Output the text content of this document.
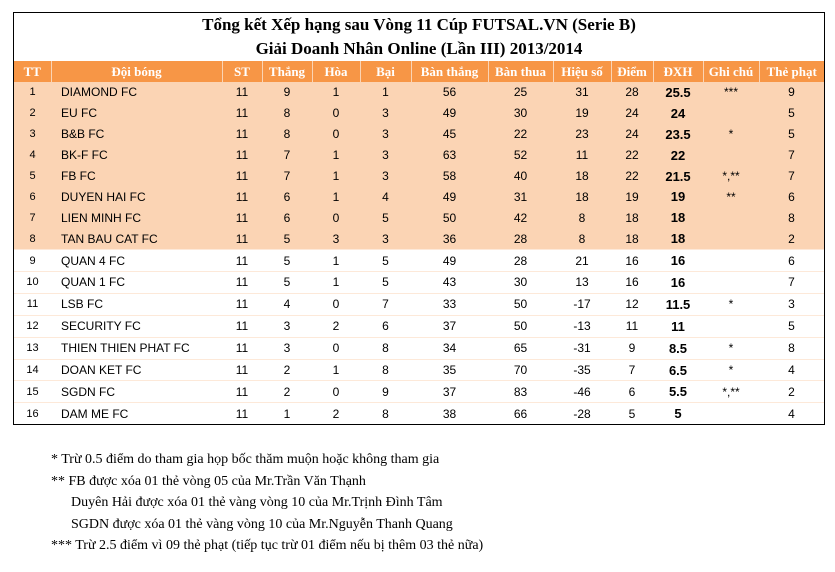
Tổng kết Xếp hạng sau Vòng 11 Cúp FUTSAL.VN (Serie B)
Giải Doanh Nhân Online (Lần III) 2013/2014
TT	Đội bóng	ST	Thắng	Hòa	Bại	Bàn thắng	Bàn thua	Hiệu số	Điểm	ĐXH	Ghi chú	Thẻ phạt
1	DIAMOND FC	11	9	1	1	56	25	31	28	25.5	***	9
2	EU FC	11	8	0	3	49	30	19	24	24		5
3	B&B FC	11	8	0	3	45	22	23	24	23.5	*	5
4	BK-F FC	11	7	1	3	63	52	11	22	22		7
5	FB FC	11	7	1	3	58	40	18	22	21.5	*,**	7
6	DUYEN HAI FC	11	6	1	4	49	31	18	19	19	**	6
7	LIEN MINH FC	11	6	0	5	50	42	8	18	18		8
8	TAN BAU CAT FC	11	5	3	3	36	28	8	18	18		2
9	QUAN 4 FC	11	5	1	5	49	28	21	16	16		6
10	QUAN 1 FC	11	5	1	5	43	30	13	16	16		7
11	LSB FC	11	4	0	7	33	50	-17	12	11.5	*	3
12	SECURITY FC	11	3	2	6	37	50	-13	11	11		5
13	THIEN THIEN PHAT FC	11	3	0	8	34	65	-31	9	8.5	*	8
14	DOAN KET FC	11	2	1	8	35	70	-35	7	6.5	*	4
15	SGDN FC	11	2	0	9	37	83	-46	6	5.5	*,**	2
16	DAM ME FC	11	1	2	8	38	66	-28	5	5		4
* Trừ 0.5 điểm do tham gia họp bốc thăm muộn hoặc không tham gia
** FB được xóa 01 thẻ vòng 05 của Mr.Trần Văn Thạnh
Duyên Hải được xóa 01 thẻ vàng vòng 10 của Mr.Trịnh Đình Tâm
SGDN được xóa 01 thẻ vàng vòng 10 của Mr.Nguyễn Thanh Quang
*** Trừ 2.5 điểm vì 09 thẻ phạt (tiếp tục trừ 01 điểm nếu bị thêm 03 thẻ nữa)
